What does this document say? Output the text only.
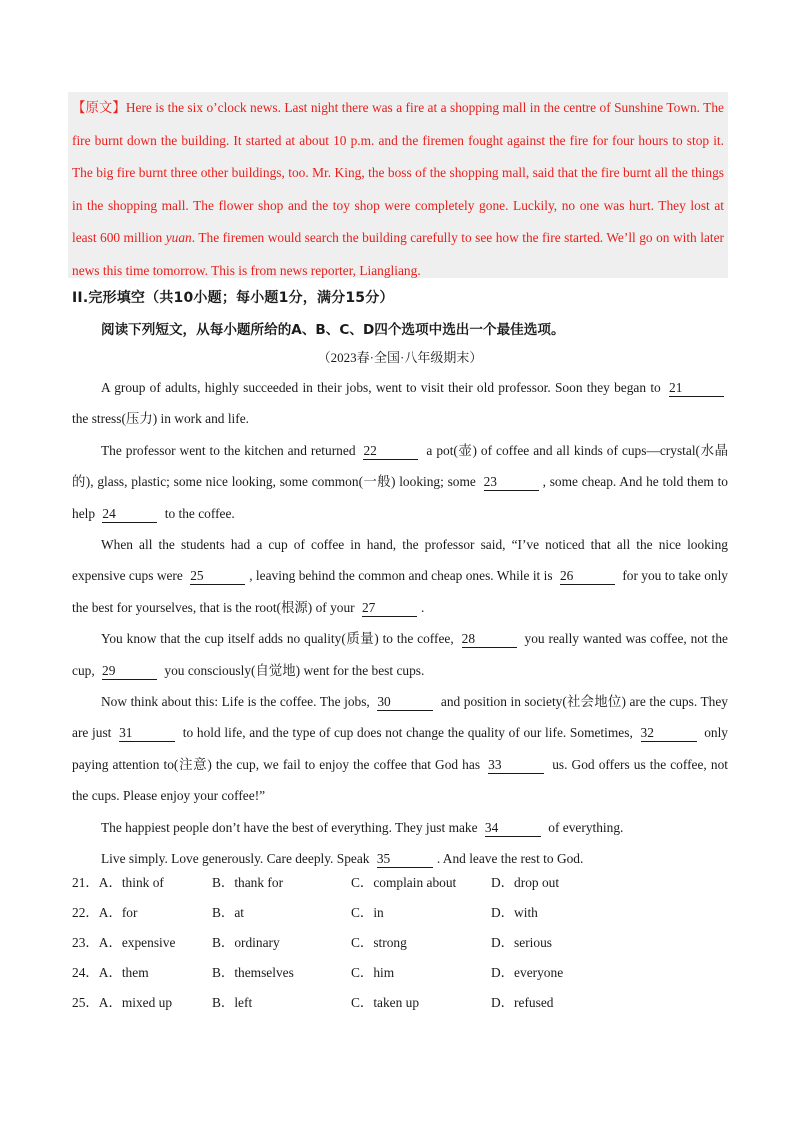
【原文】Here is the six o’clock news. Last night there was a fire at a shopping mall in the centre of Sunshine Town. The fire burnt down the building. It started at about 10 p.m. and the firemen fought against the fire for four hours to stop it. The big fire burnt three other buildings, too. Mr. King, the boss of the shopping mall, said that the fire burnt all the things in the shopping mall. The flower shop and the toy shop were completely gone. Luckily, no one was hurt. They lost at least 600 million yuan. The firemen would search the building carefully to see how the fire started. We’ll go on with later news this time tomorrow. This is from news reporter, Liangliang.

II.完形填空（共10小题；每小题1分，满分15分）
阅读下列短文，从每小题所给的A、B、C、D四个选项中选出一个最佳选项。
（2023春·全国·八年级期末）

A group of adults, highly succeeded in their jobs, went to visit their old professor. Soon they began to 21 the stress(压力) in work and life.

The professor went to the kitchen and returned 22	a pot(壶) of coffee and all kinds of cups—crystal(水晶的), glass, plastic; some nice looking, some common(一般) looking; some 23	, some cheap. And he told them to help 24	to the coffee.

When all the students had a cup of coffee in hand, the professor said, “I’ve noticed that all the nice looking expensive cups were 25	, leaving behind the common and cheap ones. While it is 26	for you to take only the best for yourselves, that is the root(根源) of your 27	.

You know that the cup itself adds no quality(质量) to the coffee, 28	you really wanted was coffee, not the cup, 29	you consciously(自觉地) went for the best cups.

Now think about this: Life is the coffee. The jobs, 30	and position in society(社会地位) are the cups. They are just 31	to hold life, and the type of cup does not change the quality of our life. Sometimes, 32	only paying attention to(注意) the cup, we fail to enjoy the coffee that God has 33	us. God offers us the coffee, not the cups. Please enjoy your coffee!”

The happiest people don’t have the best of everything. They just make 34	of everything.

Live simply. Love generously. Care deeply. Speak 35	. And leave the rest to God.

21．A．think of	B．thank for	C．complain about	D．drop out
22．A．for	B．at	C．in	D．with
23．A．expensive	B．ordinary	C．strong	D．serious
24．A．them	B．themselves	C．him	D．everyone
25．A．mixed up	B．left	C．taken up	D．refused
